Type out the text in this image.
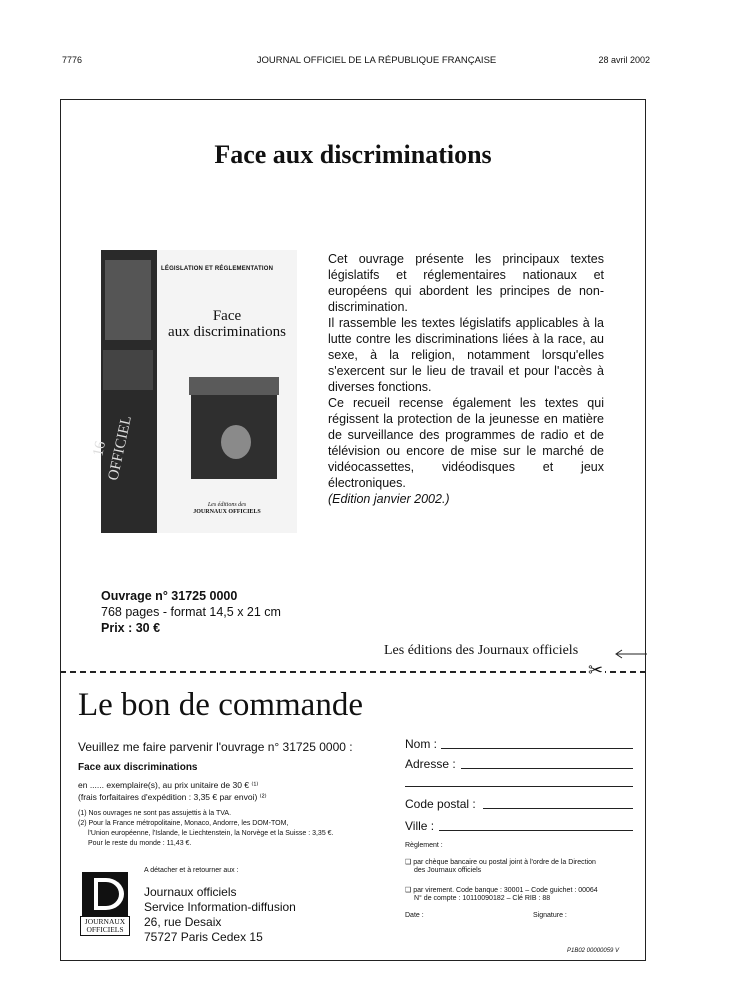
7776	JOURNAL OFFICIEL DE LA RÉPUBLIQUE FRANÇAISE	28 avril 2002
Face aux discriminations
16 OFFICIEL
LÉGISLATION ET RÉGLEMENTATION
Face
aux discriminations
Les éditions des
JOURNAUX OFFICIELS

Cet ouvrage présente les principaux textes législatifs et réglementaires nationaux et européens qui abordent les principes de non-discrimination.

Il rassemble les textes législatifs applicables à la lutte contre les discriminations liées à la race, au sexe, à la religion, notamment lorsqu'elles s'exercent sur le lieu de travail et pour l'accès à diverses fonctions.

Ce recueil recense également les textes qui régissent la protection de la jeunesse en matière de surveillance des programmes de radio et de télévision ou encore de mise sur le marché de vidéocassettes, vidéodisques et jeux électroniques.

(Edition janvier 2002.)

Ouvrage n° 31725 0000
768 pages - format 14,5 x 21 cm
Prix : 30 €
Les éditions des Journaux officiels
✂
Le bon de commande
Veuillez me faire parvenir l'ouvrage n° 31725 0000 :
Face aux discriminations
en ...... exemplaire(s), au prix unitaire de 30 € ⁽¹⁾
(frais forfaitaires d'expédition : 3,35 € par envoi) ⁽²⁾
(1) Nos ouvrages ne sont pas assujettis à la TVA.
(2) Pour la France métropolitaine, Monaco, Andorre, les DOM-TOM,
l'Union européenne, l'Islande, le Liechtenstein, la Norvège et la Suisse : 3,35 €.
Pour le reste du monde : 11,43 €.
A détacher et à retourner aux :
JOURNAUX
OFFICIELS
Journaux officiels
Service Information-diffusion
26, rue Desaix
75727 Paris Cedex 15
Nom :
Adresse :
Code postal :
Ville :
Règlement :
❑ par chèque bancaire ou postal joint à l'ordre de la Direction
des Journaux officiels
❑ par virement. Code banque : 30001 – Code guichet : 00064
N° de compte : 10110090182 – Clé RIB : 88
Date :	Signature :
P1B02 00000059 V
